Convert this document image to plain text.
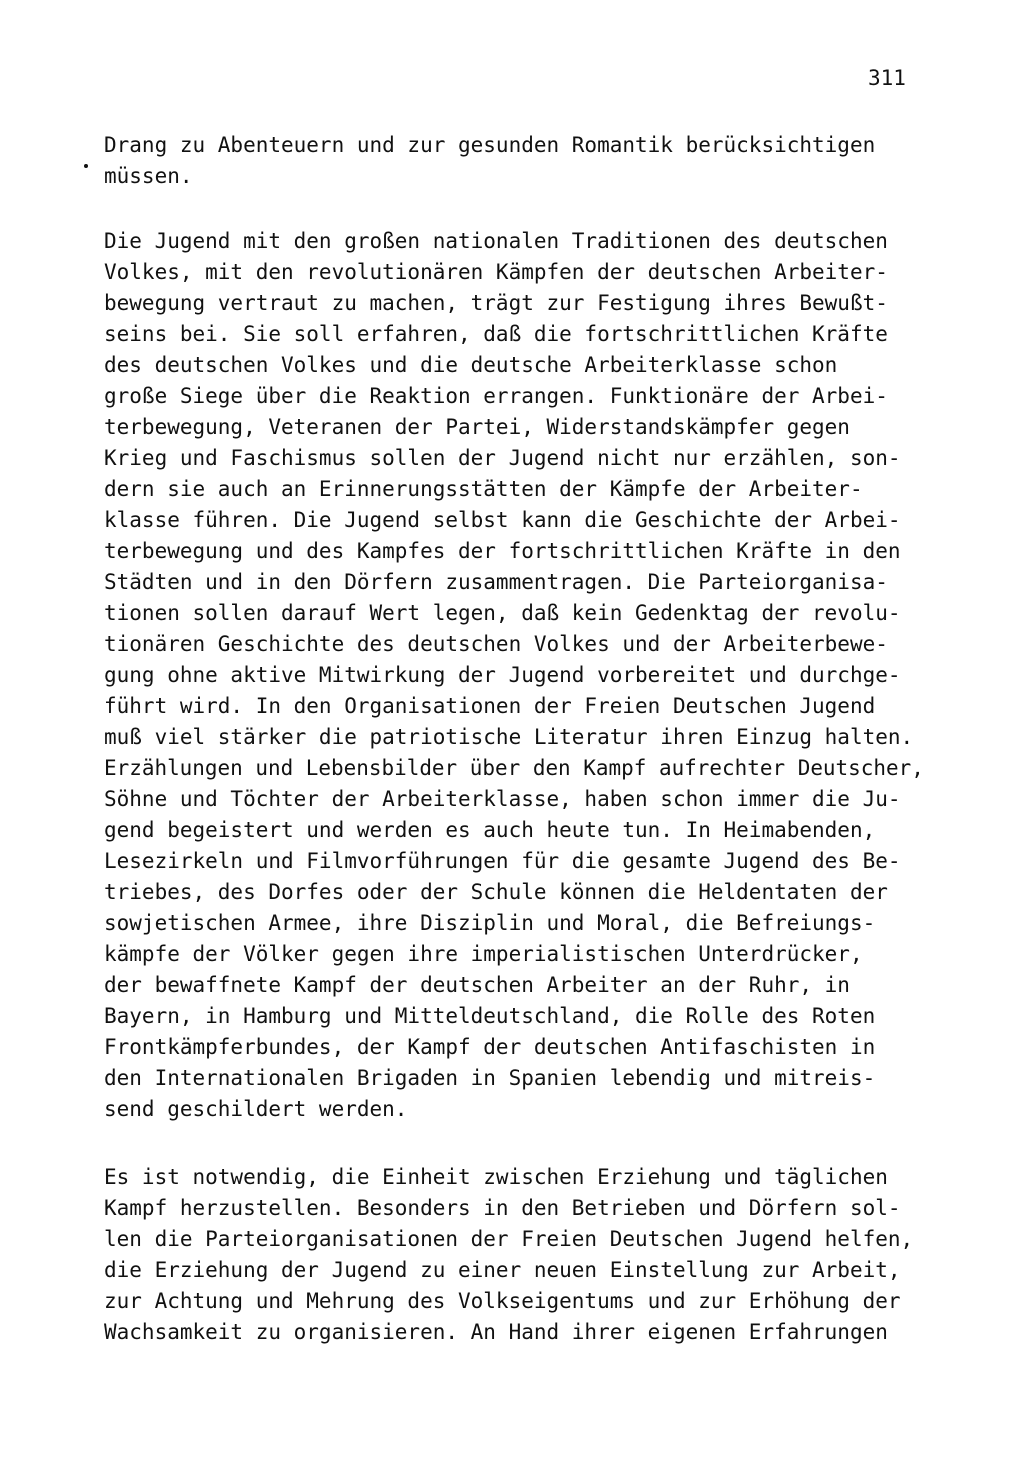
311
Drang zu Abenteuern und zur gesunden Romantik berücksichtigen
müssen.
Die Jugend mit den großen nationalen Traditionen des deutschen
Volkes, mit den revolutionären Kämpfen der deutschen Arbeiter-
bewegung vertraut zu machen, trägt zur Festigung ihres Bewußt-
seins bei. Sie soll erfahren, daß die fortschrittlichen Kräfte
des deutschen Volkes und die deutsche Arbeiterklasse schon
große Siege über die Reaktion errangen. Funktionäre der Arbei-
terbewegung, Veteranen der Partei, Widerstandskämpfer gegen
Krieg und Faschismus sollen der Jugend nicht nur erzählen, son-
dern sie auch an Erinnerungsstätten der Kämpfe der Arbeiter-
klasse führen. Die Jugend selbst kann die Geschichte der Arbei-
terbewegung und des Kampfes der fortschrittlichen Kräfte in den
Städten und in den Dörfern zusammentragen. Die Parteiorganisa-
tionen sollen darauf Wert legen, daß kein Gedenktag der revolu-
tionären Geschichte des deutschen Volkes und der Arbeiterbewe-
gung ohne aktive Mitwirkung der Jugend vorbereitet und durchge-
führt wird. In den Organisationen der Freien Deutschen Jugend
muß viel stärker die patriotische Literatur ihren Einzug halten.
Erzählungen und Lebensbilder über den Kampf aufrechter Deutscher,
Söhne und Töchter der Arbeiterklasse, haben schon immer die Ju-
gend begeistert und werden es auch heute tun. In Heimabenden,
Lesezirkeln und Filmvorführungen für die gesamte Jugend des Be-
triebes, des Dorfes oder der Schule können die Heldentaten der
sowjetischen Armee, ihre Disziplin und Moral, die Befreiungs-
kämpfe der Völker gegen ihre imperialistischen Unterdrücker,
der bewaffnete Kampf der deutschen Arbeiter an der Ruhr, in
Bayern, in Hamburg und Mitteldeutschland, die Rolle des Roten
Frontkämpferbundes, der Kampf der deutschen Antifaschisten in
den Internationalen Brigaden in Spanien lebendig und mitreis-
send geschildert werden.
Es ist notwendig, die Einheit zwischen Erziehung und täglichen
Kampf herzustellen. Besonders in den Betrieben und Dörfern sol-
len die Parteiorganisationen der Freien Deutschen Jugend helfen,
die Erziehung der Jugend zu einer neuen Einstellung zur Arbeit,
zur Achtung und Mehrung des Volkseigentums und zur Erhöhung der
Wachsamkeit zu organisieren. An Hand ihrer eigenen Erfahrungen
